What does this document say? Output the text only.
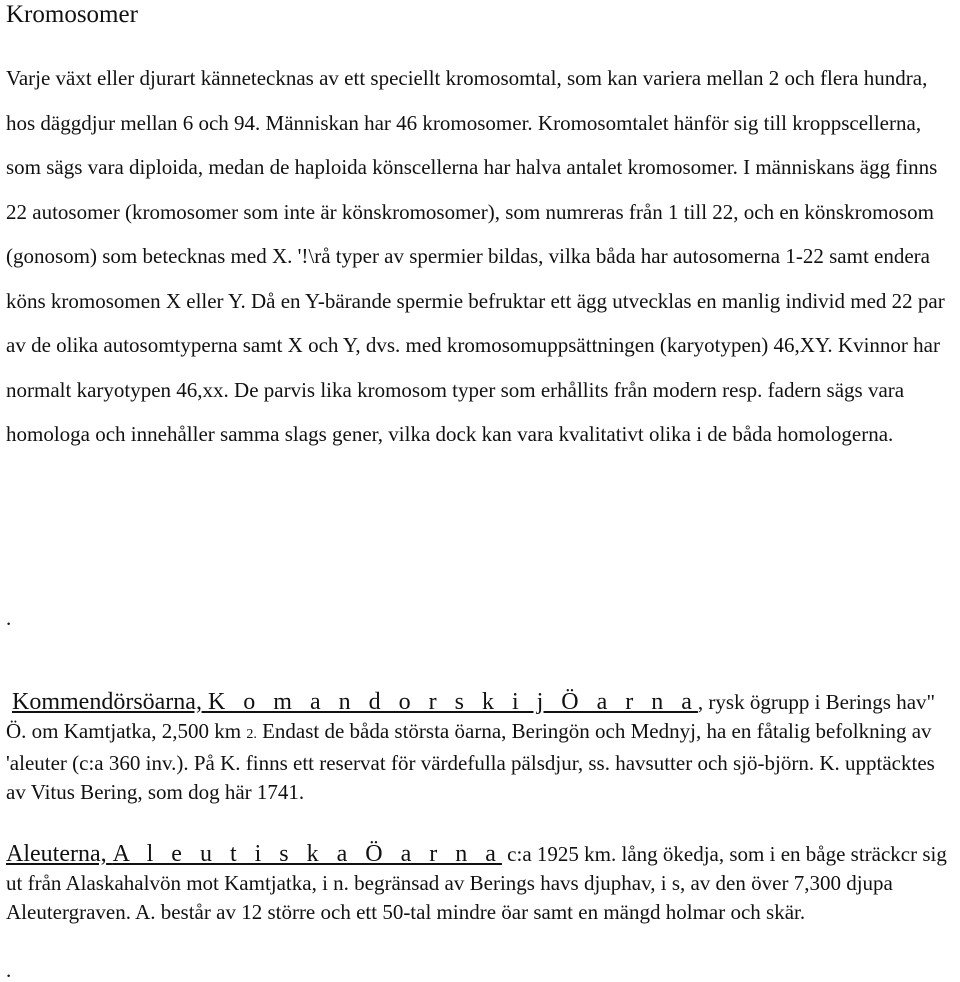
Kromosomer

Varje växt eller djurart kännetecknas av ett speciellt kromosomtal, som kan variera mellan 2 och flera hundra, hos däggdjur mellan 6 och 94. Människan har 46 kromosomer. Kromosomtalet hänför sig till kroppscellerna, som sägs vara diploida, medan de haploida könscellerna har halva antalet kromosomer. I människans ägg finns 22 autosomer (kromosomer som inte är könskromosomer), som numreras från 1 till 22, och en könskromosom (gonosom) som betecknas med X. '!\rå typer av spermier bildas, vilka båda har autosomerna 1-22 samt endera köns kromosomen X eller Y. Då en Y-bärande spermie befruktar ett ägg utvecklas en manlig individ med 22 par av de olika autosomtyperna samt X och Y, dvs. med kromosomuppsättningen (karyotypen) 46,XY. Kvinnor har normalt karyotypen 46,xx. De parvis lika kromosom typer som erhållits från modern resp. fadern sägs vara homologa och innehåller samma slags gener, vilka dock kan vara kvalitativt olika i de båda homologerna.

.

Kommendörsöarna, K o m a n d o r s k i j Ö a r n a, rysk ögrupp i Berings hav" Ö. om Kamtjatka, 2,500 km 2. Endast de båda största öarna, Beringön och Mednyj, ha en fåtalig befolkning av 'aleuter (c:a 360 inv.). På K. finns ett reservat för värdefulla pälsdjur, ss. havsutter och sjö-björn. K. upptäcktes av Vitus Bering, som dog här 1741.

Aleuterna, A l e u t i s k a Ö a r n a c:a 1925 km. lång ökedja, som i en båge sträckcr sig ut från Alaskahalvön mot Kamtjatka, i n. begränsad av Berings havs djuphav, i s, av den över 7,300 djupa Aleutergraven. A. består av 12 större och ett 50-tal mindre öar samt en mängd holmar och skär.

.
